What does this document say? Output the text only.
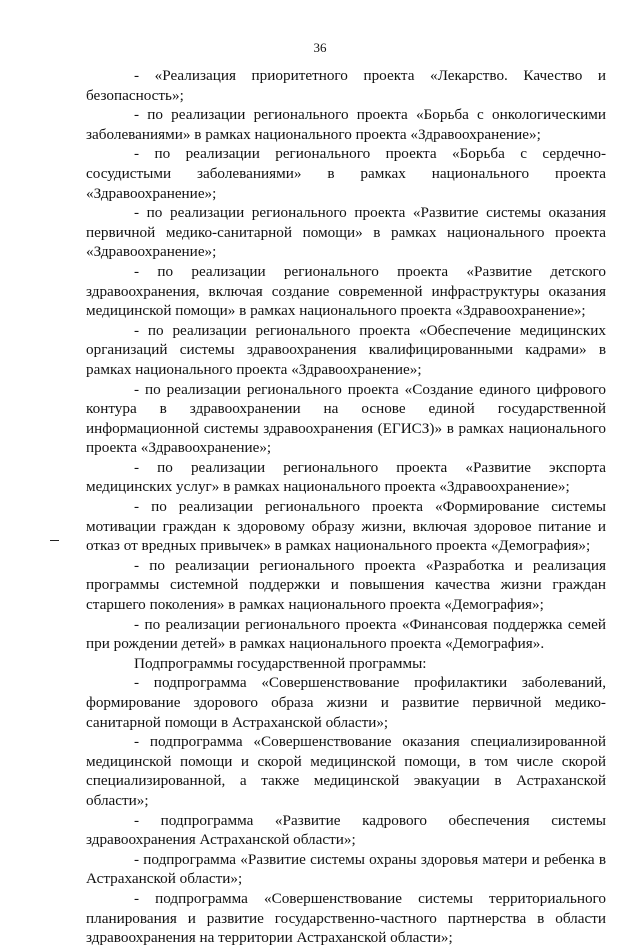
36

- «Реализация приоритетного проекта «Лекарство. Качество и безопасность»;

- по реализации регионального проекта «Борьба с онкологическими заболеваниями» в рамках национального проекта «Здравоохранение»;

- по реализации регионального проекта «Борьба с сердечно-сосудистыми заболеваниями» в рамках национального проекта «Здравоохранение»;

- по реализации регионального проекта «Развитие системы оказания первичной медико-санитарной помощи» в рамках национального проекта «Здравоохранение»;

- по реализации регионального проекта «Развитие детского здравоохранения, включая создание современной инфраструктуры оказания медицинской помощи» в рамках национального проекта «Здравоохранение»;

- по реализации регионального проекта «Обеспечение медицинских организаций системы здравоохранения квалифицированными кадрами» в рамках национального проекта «Здравоохранение»;

- по реализации регионального проекта «Создание единого цифрового контура в здравоохранении на основе единой государственной информационной системы здравоохранения (ЕГИСЗ)» в рамках национального проекта «Здравоохранение»;

- по реализации регионального проекта «Развитие экспорта медицинских услуг» в рамках национального проекта «Здравоохранение»;

- по реализации регионального проекта «Формирование системы мотивации граждан к здоровому образу жизни, включая здоровое питание и отказ от вредных привычек» в рамках национального проекта «Демография»;

- по реализации регионального проекта «Разработка и реализация программы системной поддержки и повышения качества жизни граждан старшего поколения» в рамках национального проекта «Демография»;

- по реализации регионального проекта «Финансовая поддержка семей при рождении детей» в рамках национального проекта «Демография».

Подпрограммы государственной программы:

- подпрограмма «Совершенствование профилактики заболеваний, формирование здорового образа жизни и развитие первичной медико-санитарной помощи в Астраханской области»;

- подпрограмма «Совершенствование оказания специализированной медицинской помощи и скорой медицинской помощи, в том числе скорой специализированной, а также медицинской эвакуации в Астраханской области»;

- подпрограмма «Развитие кадрового обеспечения системы здравоохранения Астраханской области»;

- подпрограмма «Развитие системы охраны здоровья матери и ребенка в Астраханской области»;

- подпрограмма «Совершенствование системы территориального планирования и развитие государственно-частного партнерства в области здравоохранения на территории Астраханской области»;
